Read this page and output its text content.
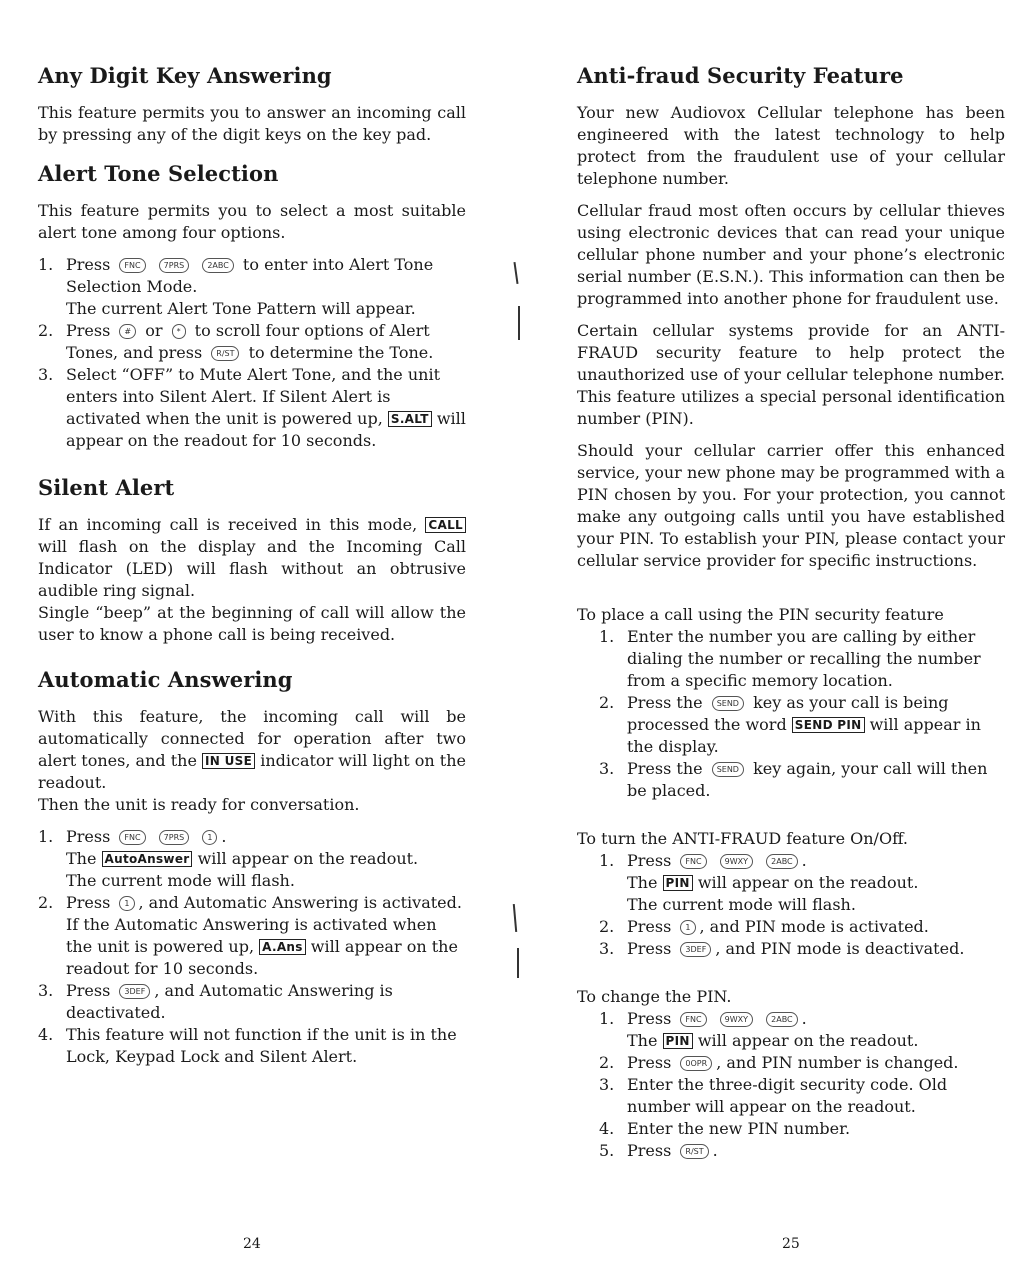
Any Digit Key Answering

This feature permits you to answer an incoming call by pressing any of the digit keys on the key pad.

Alert Tone Selection

This feature permits you to select a most suitable alert tone among four options.

1. Press FNC	7PRS	2ABC to enter into Alert Tone Selection Mode.
The current Alert Tone Pattern will appear.
2. Press # or * to scroll four options of Alert Tones, and press R/ST to determine the Tone.
3. Select “OFF” to Mute Alert Tone, and the unit enters into Silent Alert. If Silent Alert is activated when the unit is powered up, S.ALT will appear on the readout for 10 seconds.
Silent Alert

If an incoming call is received in this mode, CALL will flash on the display and the Incoming Call Indicator (LED) will flash without an obtrusive audible ring signal.

Single “beep” at the beginning of call will allow the user to know a phone call is being received.

Automatic Answering

With this feature, the incoming call will be automatically connected for operation after two alert tones, and the IN USE indicator will light on the readout.

Then the unit is ready for conversation.

1. Press FNC	7PRS	1 .
The AutoAnswer will appear on the readout.
The current mode will flash.
2. Press 1 , and Automatic Answering is activated.
If the Automatic Answering is activated when the unit is powered up, A.Ans will appear on the readout for 10 seconds.
3. Press 3DEF , and Automatic Answering is deactivated.
4. This feature will not function if the unit is in the Lock, Keypad Lock and Silent Alert.
Anti-fraud Security Feature

Your new Audiovox Cellular telephone has been engineered with the latest technology to help protect from the fraudulent use of your cellular telephone number.

Cellular fraud most often occurs by cellular thieves using electronic devices that can read your unique cellular phone number and your phone’s electronic serial number (E.S.N.). This information can then be programmed into another phone for fraudulent use.

Certain cellular systems provide for an ANTI-FRAUD security feature to help protect the unauthorized use of your cellular telephone number. This feature utilizes a special personal identification number (PIN).

Should your cellular carrier offer this enhanced service, your new phone may be programmed with a PIN chosen by you. For your protection, you cannot make any outgoing calls until you have established your PIN. To establish your PIN, please contact your cellular service provider for specific instructions.

To place a call using the PIN security feature

1. Enter the number you are calling by either dialing the number or recalling the number from a specific memory location.
2. Press the SEND key as your call is being processed the word SEND PIN will appear in the display.
3. Press the SEND key again, your call will then be placed.

To turn the ANTI-FRAUD feature On/Off.

1. Press FNC	9WXY	2ABC .
The PIN will appear on the readout.
The current mode will flash.
2. Press 1 , and PIN mode is activated.
3. Press 3DEF , and PIN mode is deactivated.

To change the PIN.

1. Press FNC	9WXY	2ABC .
The PIN will appear on the readout.
2. Press 0OPR , and PIN number is changed.
3. Enter the three-digit security code. Old number will appear on the readout.
4. Enter the new PIN number.
5. Press R/ST .
24	25
